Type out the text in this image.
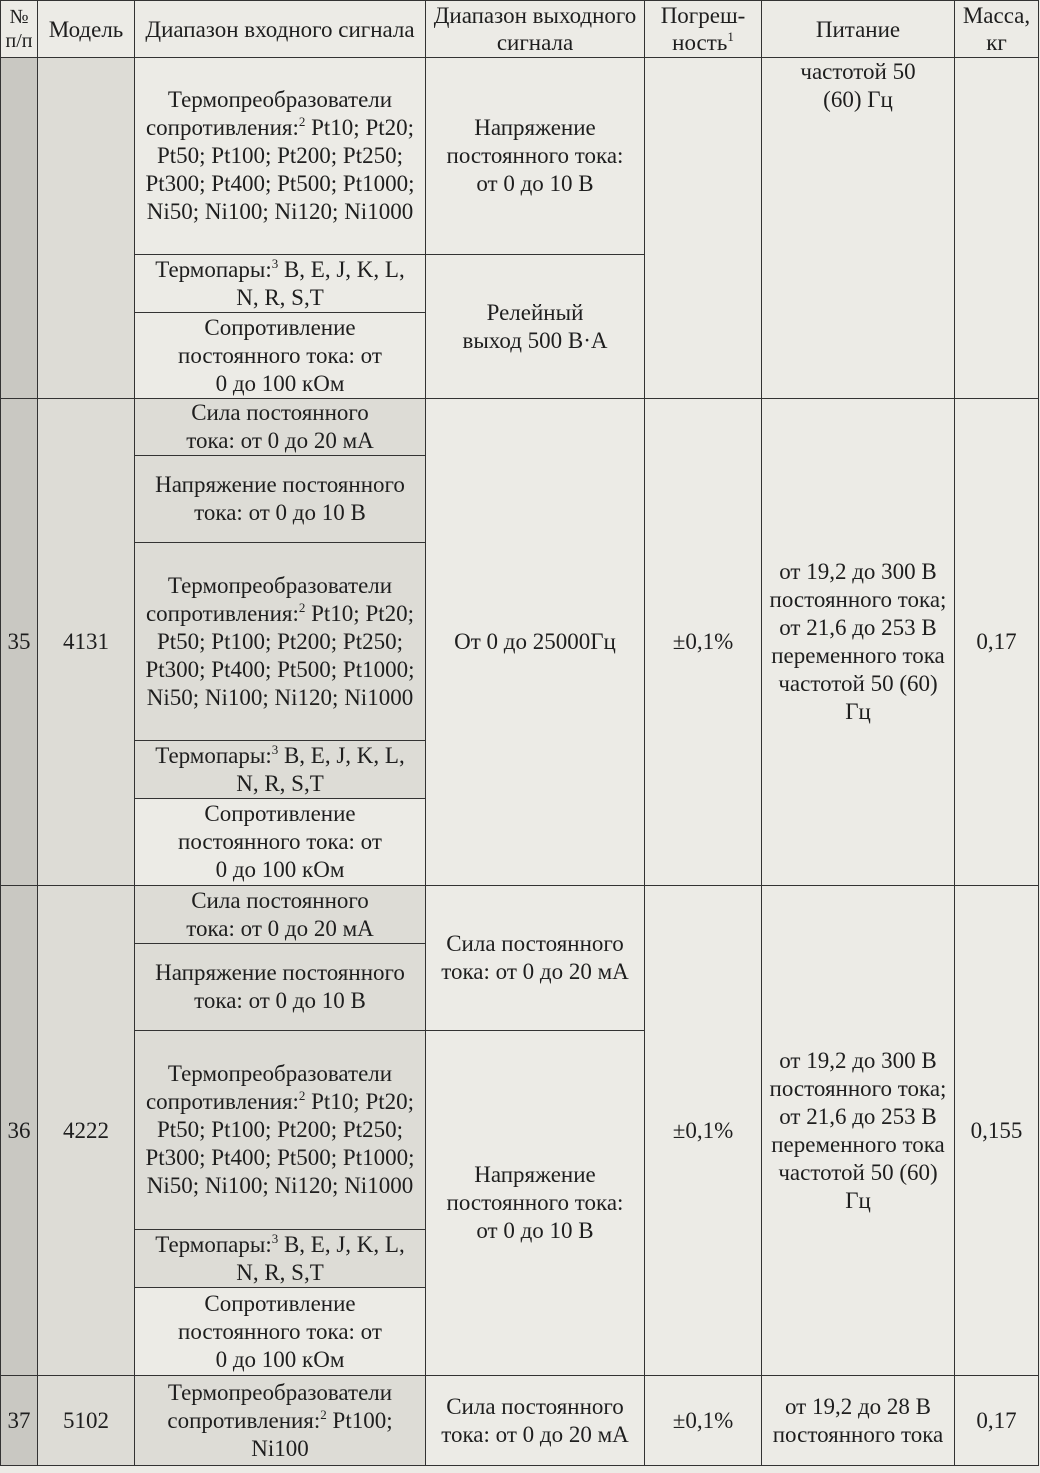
№
п/п	Модель	Диапазон входного сигнала	Диапазон выходного сигнала	Погреш-ность$^1$	Питание	Масса, кг
		Термопреобразователи сопротивления:$^2$ Pt10; Pt20; Pt50; Pt100; Pt200; Pt250; Pt300; Pt400; Pt500; Pt1000; Ni50; Ni100; Ni120; Ni1000	Напряжение постоянного тока: от 0 до 10 В		частотой 50 (60) Гц	
		Термопары:$^3$ B, E, J, K, L, N, R, S,T	Релейный выход 500 В·А			
		Сопротивление постоянного тока: от 0 до 100 кОм				
35	4131	Сила постоянного тока: от 0 до 20 мА	От 0 до 25000Гц	±0,1%	от 19,2 до 300 В постоянного тока; от 21,6 до 253 В переменного тока частотой 50 (60) Гц	0,17
		Напряжение постоянного тока: от 0 до 10 В				
		Термопреобразователи сопротивления:$^2$ Pt10; Pt20; Pt50; Pt100; Pt200; Pt250; Pt300; Pt400; Pt500; Pt1000; Ni50; Ni100; Ni120; Ni1000				
		Термопары:$^3$ B, E, J, K, L, N, R, S,T				
		Сопротивление постоянного тока: от 0 до 100 кОм				
36	4222	Сила постоянного тока: от 0 до 20 мА	Сила постоянного тока: от 0 до 20 мА	±0,1%	от 19,2 до 300 В постоянного тока; от 21,6 до 253 В переменного тока частотой 50 (60) Гц	0,155
		Напряжение постоянного тока: от 0 до 10 В				
		Термопреобразователи сопротивления:$^2$ Pt10; Pt20; Pt50; Pt100; Pt200; Pt250; Pt300; Pt400; Pt500; Pt1000; Ni50; Ni100; Ni120; Ni1000	Напряжение постоянного тока: от 0 до 10 В			
		Термопары:$^3$ B, E, J, K, L, N, R, S,T				
		Сопротивление постоянного тока: от 0 до 100 кОм				
37	5102	Термопреобразователи сопротивления:$^2$ Pt100; Ni100	Сила постоянного тока: от 0 до 20 мА	±0,1%	от 19,2 до 28 В постоянного тока	0,17
